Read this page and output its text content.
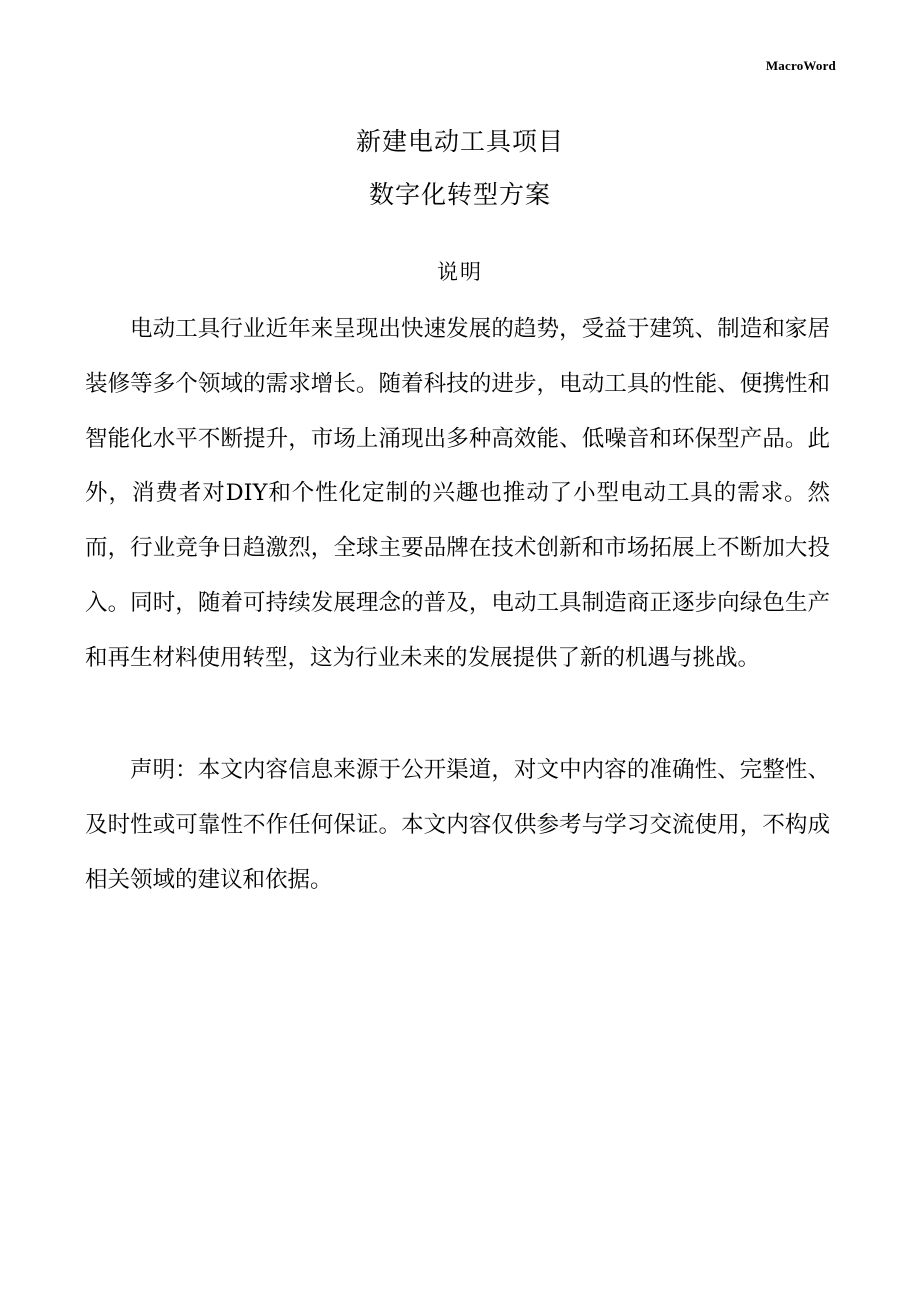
MacroWord
新建电动工具项目
数字化转型方案
说明

电动工具行业近年来呈现出快速发展的趋势，受益于建筑、制造和家居装修等多个领域的需求增长。随着科技的进步，电动工具的性能、便携性和智能化水平不断提升，市场上涌现出多种高效能、低噪音和环保型产品。此外，消费者对DIY和个性化定制的兴趣也推动了小型电动工具的需求。然而，行业竞争日趋激烈，全球主要品牌在技术创新和市场拓展上不断加大投入。同时，随着可持续发展理念的普及，电动工具制造商正逐步向绿色生产和再生材料使用转型，这为行业未来的发展提供了新的机遇与挑战。

声明：本文内容信息来源于公开渠道，对文中内容的准确性、完整性、及时性或可靠性不作任何保证。本文内容仅供参考与学习交流使用，不构成相关领域的建议和依据。
